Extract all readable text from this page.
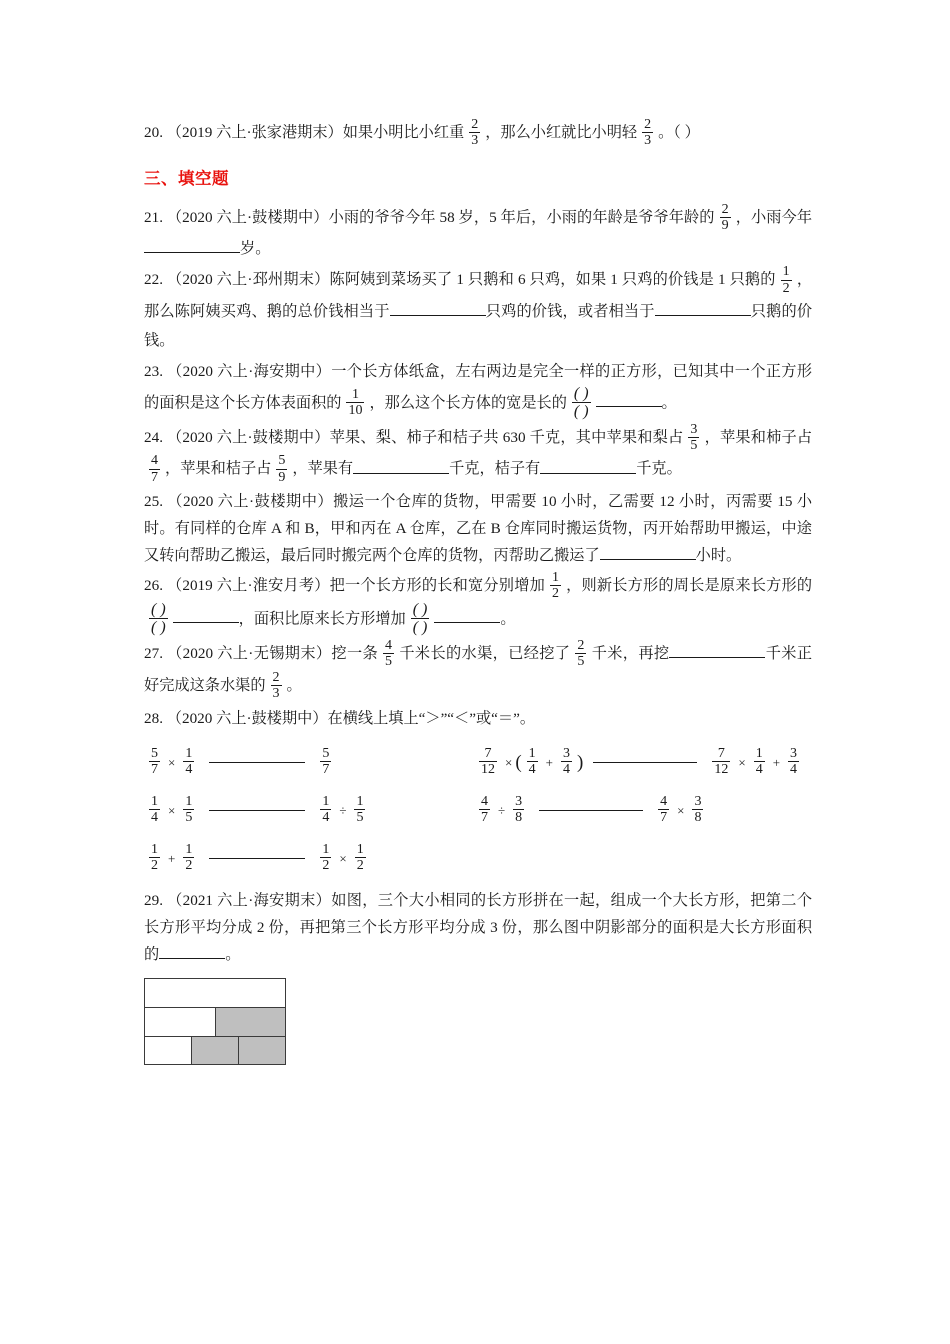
20. （2019 六上·张家港期末）如果小明比小红重 $\frac{2}{3}$ ，那么小红就比小明轻 $\frac{2}{3}$ 。（ ）

三、填空题

21. （2020 六上·鼓楼期中）小雨的爷爷今年 58 岁，5 年后，小雨的年龄是爷爷年龄的 $\frac{2}{9}$ ，小雨今年岁。

22. （2020 六上·邳州期末）陈阿姨到菜场买了 1 只鹅和 6 只鸡，如果 1 只鸡的价钱是 1 只鹅的 $\frac{1}{2}$ ，那么陈阿姨买鸡、鹅的总价钱相当于	只鸡的价钱，或者相当于	只鹅的价钱。

23. （2020 六上·海安期中）一个长方体纸盒，左右两边是完全一样的正方形，已知其中一个正方形的面积是这个长方体表面积的 $\frac{1}{10}$ ，那么这个长方体的宽是长的 $\frac{( )}{( )}$	。

24. （2020 六上·鼓楼期中）苹果、梨、柿子和桔子共 630 千克，其中苹果和梨占 $\frac{3}{5}$ ，苹果和柿子占
$\frac{4}{7}$ ，苹果和桔子占 $\frac{5}{9}$ ，苹果有	千克，桔子有	千克。

25. （2020 六上·鼓楼期中）搬运一个仓库的货物，甲需要 10 小时，乙需要 12 小时，丙需要 15 小时。有同样的仓库 A 和 B，甲和丙在 A 仓库，乙在 B 仓库同时搬运货物，丙开始帮助甲搬运，中途又转向帮助乙搬运，最后同时搬完两个仓库的货物，丙帮助乙搬运了	小时。

26. （2019 六上·淮安月考）把一个长方形的长和宽分别增加 $\frac{1}{2}$ ，则新长方形的周长是原来长方形的
$\frac{( )}{( )}$	，面积比原来长方形增加 $\frac{( )}{( )}$	。

27. （2020 六上·无锡期末）挖一条 $\frac{4}{5}$ 千米长的水渠，已经挖了 $\frac{2}{5}$ 千米，再挖	千米正好完成这条水渠的 $\frac{2}{3}$ 。

28. （2020 六上·鼓楼期中）在横线上填上“＞”“＜”或“＝”。

$\frac{5}{7} \times \frac{1}{4}$	$\frac{5}{7}$	$\frac{7}{12}$ × ( $\frac{1}{4} + \frac{3}{4}$ )	$\frac{7}{12} \times \frac{1}{4} + \frac{3}{4}$
$\frac{1}{4} \times \frac{1}{5}$	$\frac{1}{4} \div \frac{1}{5}$	$\frac{4}{7} \div \frac{3}{8}$	$\frac{4}{7} \times \frac{3}{8}$
$\frac{1}{2} + \frac{1}{2}$	$\frac{1}{2} \times \frac{1}{2}$

29. （2021 六上·海安期末）如图，三个大小相同的长方形拼在一起，组成一个大长方形，把第二个长方形平均分成 2 份，再把第三个长方形平均分成 3 份，那么图中阴影部分的面积是大长方形面积的	。
